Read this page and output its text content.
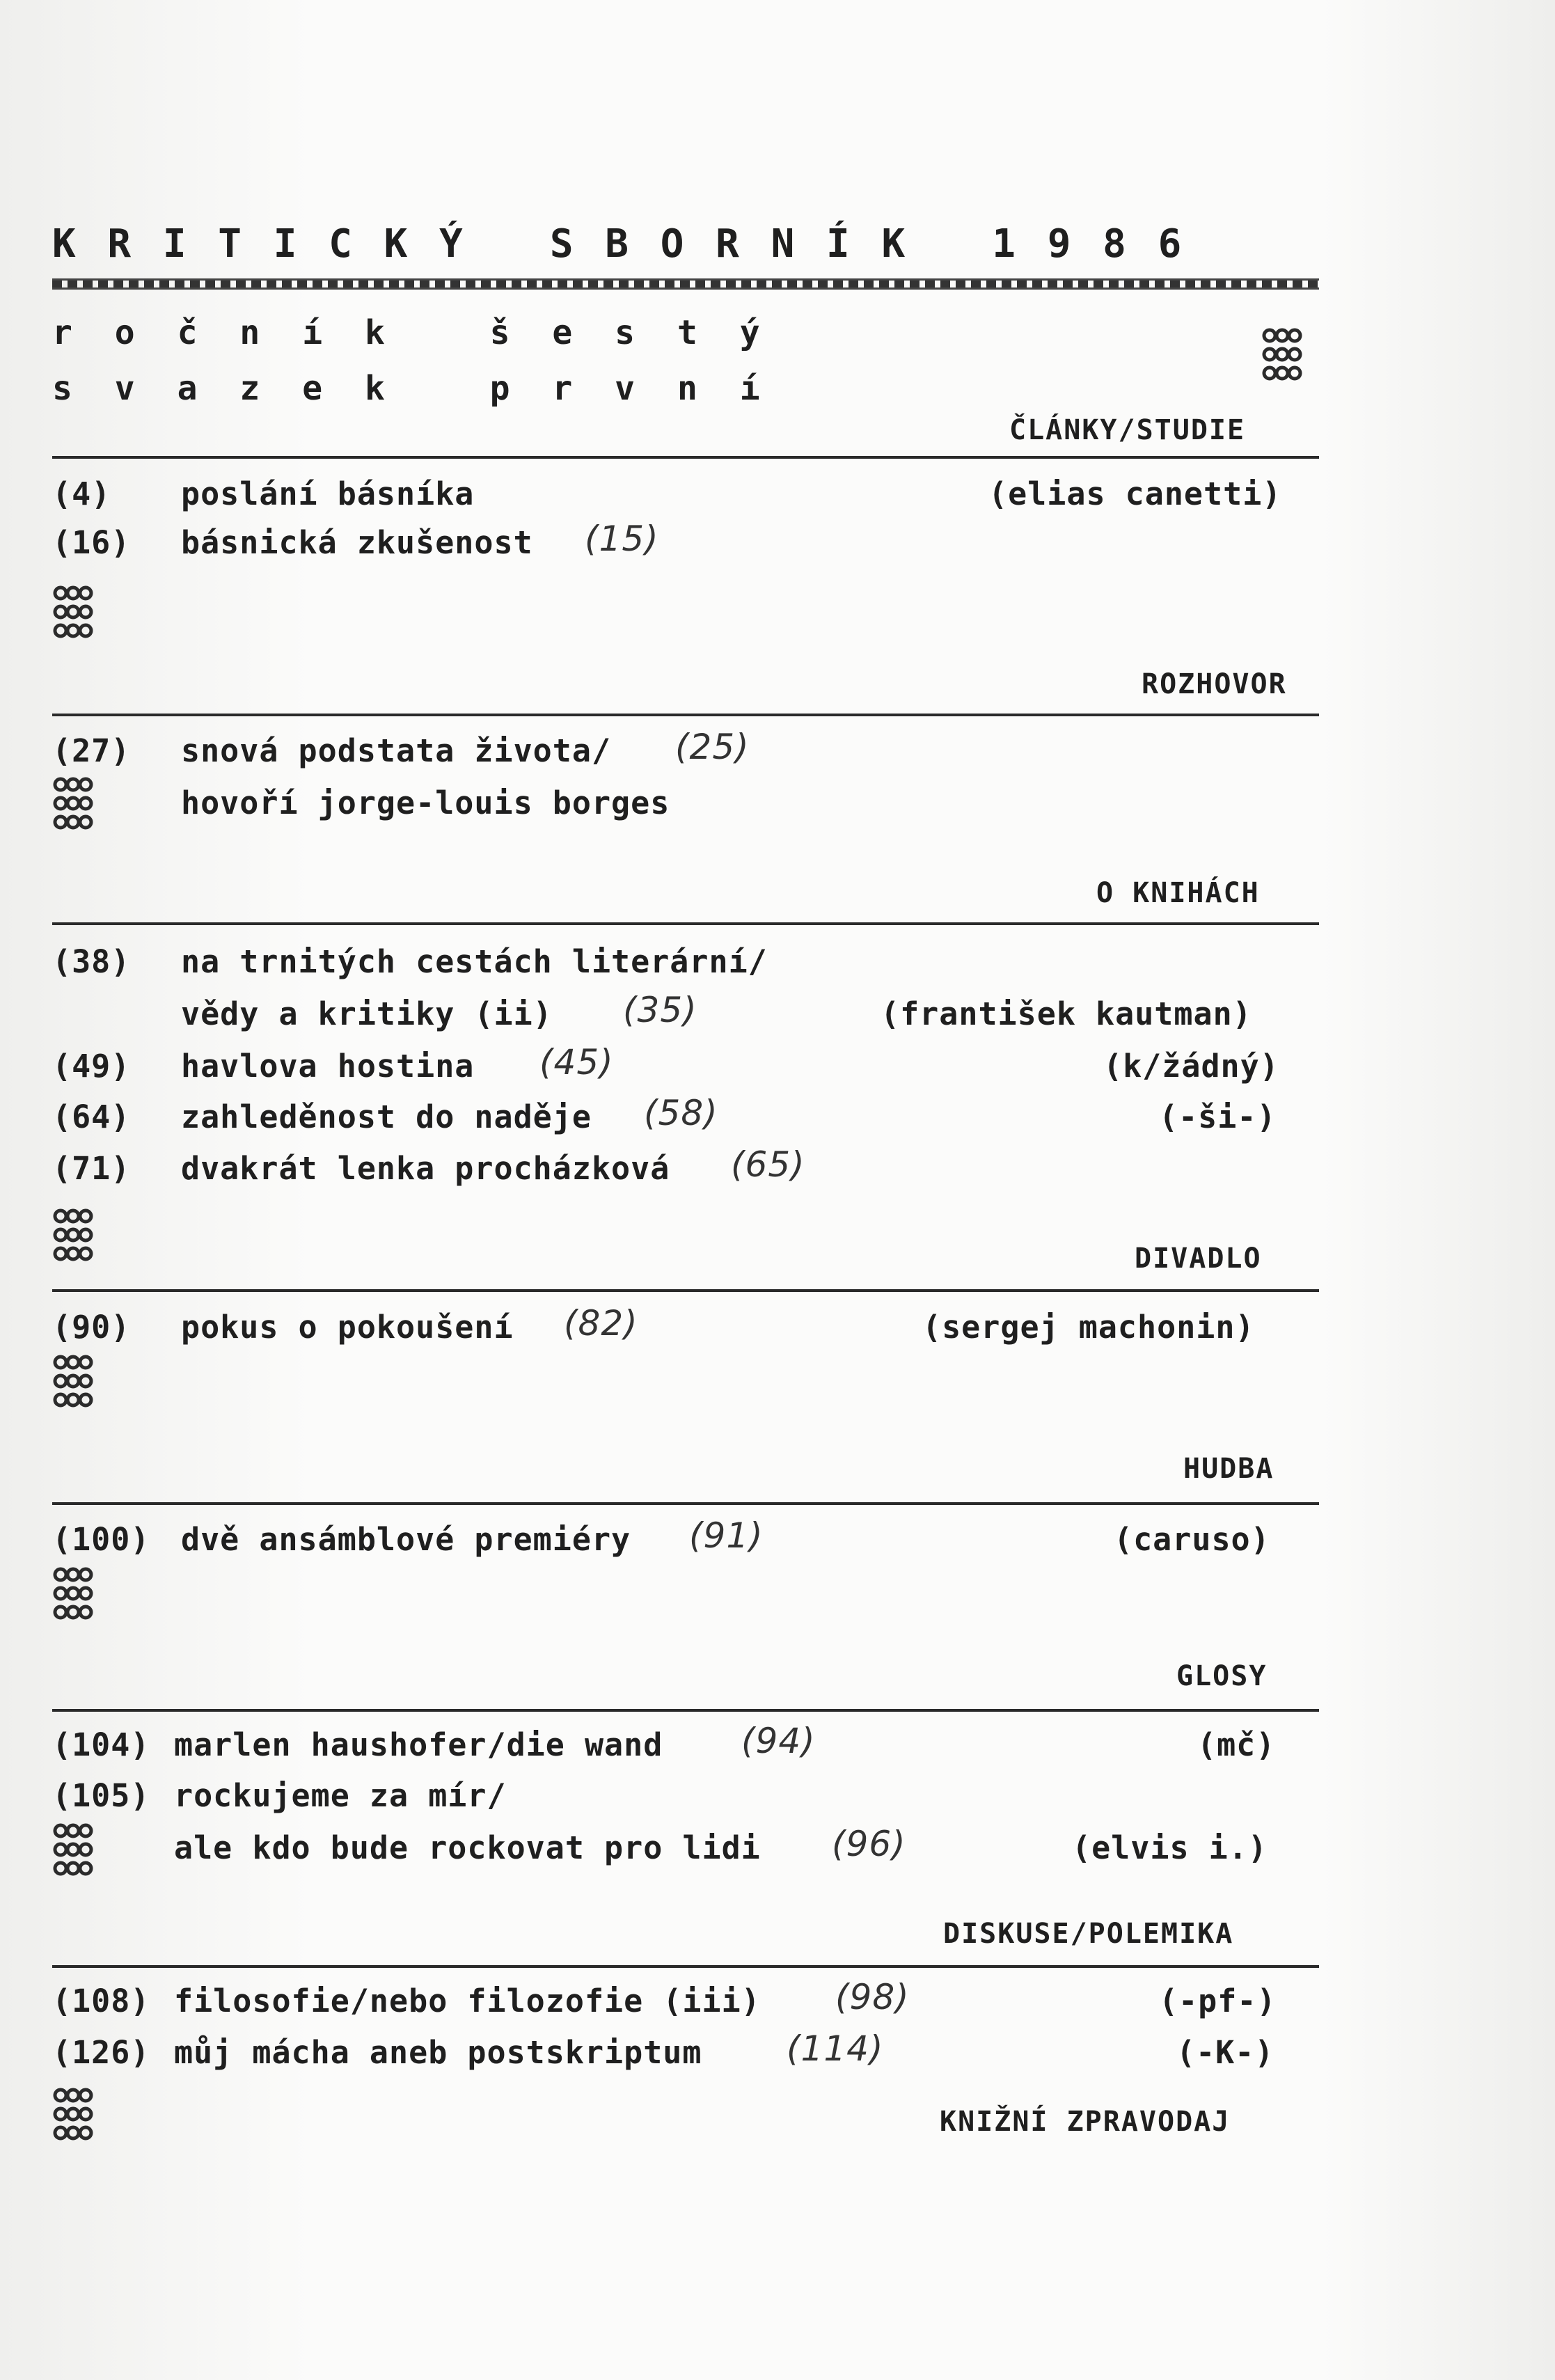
K R I T I C K Ý   S B O R N Í K   1 9 8 6
r o č n í k   š e s t ý
s v a z e k   p r v n í
ČLÁNKY/STUDIE
(4) poslání básníka	(elias canetti)
(16) básnická zkušenost (15)
ROZHOVOR
(27) snová podstata života/ (25)
hovoří jorge-louis borges
O KNIHÁCH
(38) na trnitých cestách literární/
vědy a kritiky (ii) (35)	(františek kautman)
(49) havlova hostina (45)	(k/žádný)
(64) zahleděnost do naděje (58)	(-ši-)
(71) dvakrát lenka procházková (65)
DIVADLO
(90) pokus o pokoušení (82)	(sergej machonin)
HUDBA
(100) dvě ansámblové premiéry (91)	(caruso)
GLOSY
(104) marlen haushofer/die wand (94)	(mč)
(105) rockujeme za mír/
ale kdo bude rockovat pro lidi (96)	(elvis i.)
DISKUSE/POLEMIKA
(108) filosofie/nebo filozofie (iii) (98)	(-pf-)
(126) můj mácha aneb postskriptum (114)	(-K-)
KNIŽNÍ ZPRAVODAJ
